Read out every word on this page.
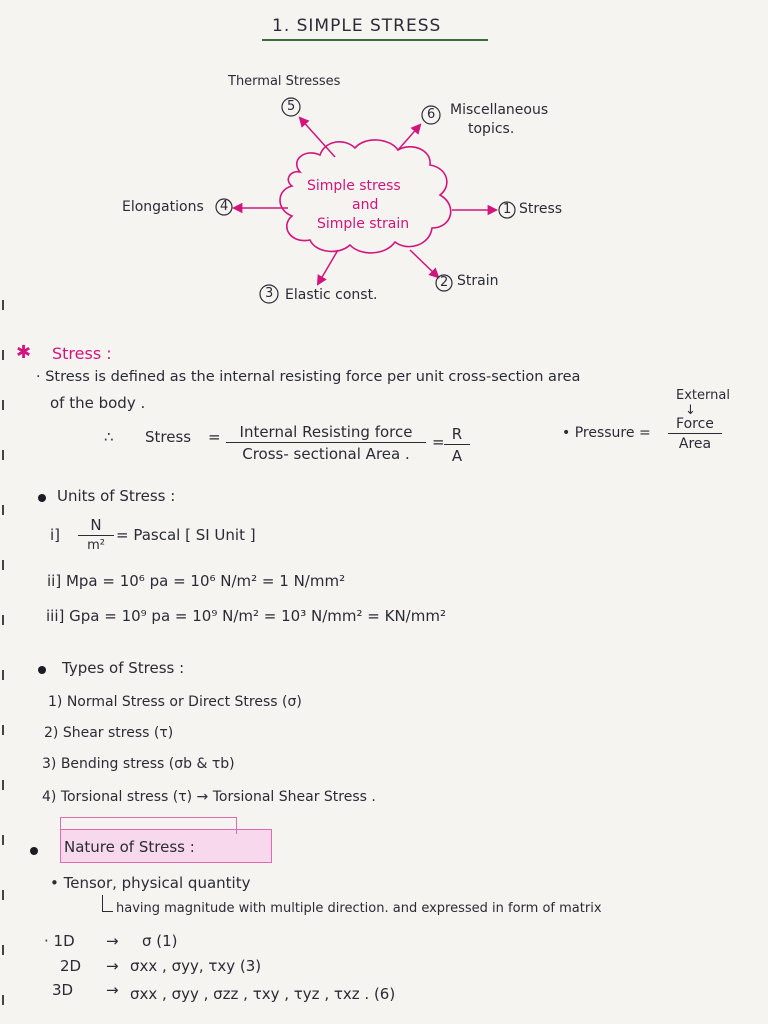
1. SIMPLE STRESS
Simple stress
and
Simple strain
Thermal Stresses
5
6 Miscellaneous
topics.
Elongations 4	1 Stress
3 Elastic const.
2 Strain
✱ Stress :
· Stress is defined as the internal resisting force per unit cross-section area
of the body .
∴ Stress =	Internal Resisting force
Cross- sectional Area .
= $\frac{R}{A}$	• Pressure =
External
↓
Force
Area
Units of Stress :
$i] \frac{N}{\text{m²}}$ = Pascal [ SI Unit ]
ii] Mpa = 10⁶ pa = 10⁶ N/m² = 1 N/mm²
iii] Gpa = 10⁹ pa = 10⁹ N/m² = 10³ N/mm² = KN/mm²
Types of Stress :
1) Normal Stress or Direct Stress (σ)
2) Shear stress (τ)
3) Bending stress (σb & τb)
4) Torsional stress (τ) → Torsional Shear Stress .
Nature of Stress :
• Tensor, physical quantity
having magnitude with multiple direction. and expressed in form of matrix
· 1D → σ (1)
2D → σxx , σyy, τxy (3)
3D → σxx , σyy , σzz , τxy , τyz , τxz . (6)
